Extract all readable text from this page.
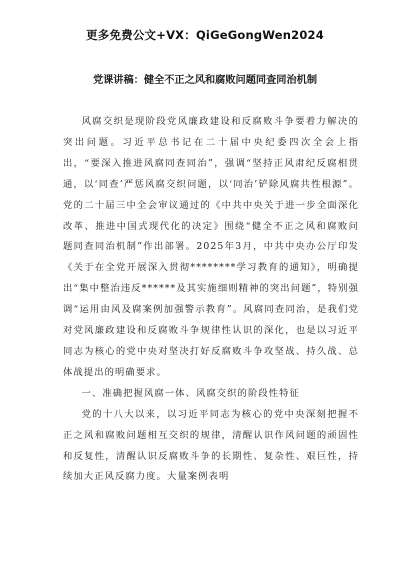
更多免费公文+VX：QiGeGongWen2024
党课讲稿：健全不正之风和腐败问题同查同治机制

风腐交织是现阶段党风廉政建设和反腐败斗争要着力解决的突出问题。习近平总书记在二十届中央纪委四次全会上指出，“要深入推进风腐同查同治”，强调“坚持正风肃纪反腐相贯通，以‘同查’严惩风腐交织问题，以‘同治’铲除风腐共性根源”。党的二十届三中全会审议通过的《中共中央关于进一步全面深化改革、推进中国式现代化的决定》围绕“健全不正之风和腐败问题同查同治机制”作出部署。2025年3月，中共中央办公厅印发《关于在全党开展深入贯彻********学习教育的通知》，明确提出“集中整治违反******及其实施细则精神的突出问题”，特别强调“运用由风及腐案例加强警示教育”。风腐同查同治，是我们党对党风廉政建设和反腐败斗争规律性认识的深化，也是以习近平同志为核心的党中央对坚决打好反腐败斗争攻坚战、持久战、总体战提出的明确要求。

一、准确把握风腐一体、风腐交织的阶段性特征

党的十八大以来，以习近平同志为核心的党中央深刻把握不正之风和腐败问题相互交织的规律，清醒认识作风问题的顽固性和反复性，清醒认识反腐败斗争的长期性、复杂性、艰巨性，持续加大正风反腐力度。大量案例表明
